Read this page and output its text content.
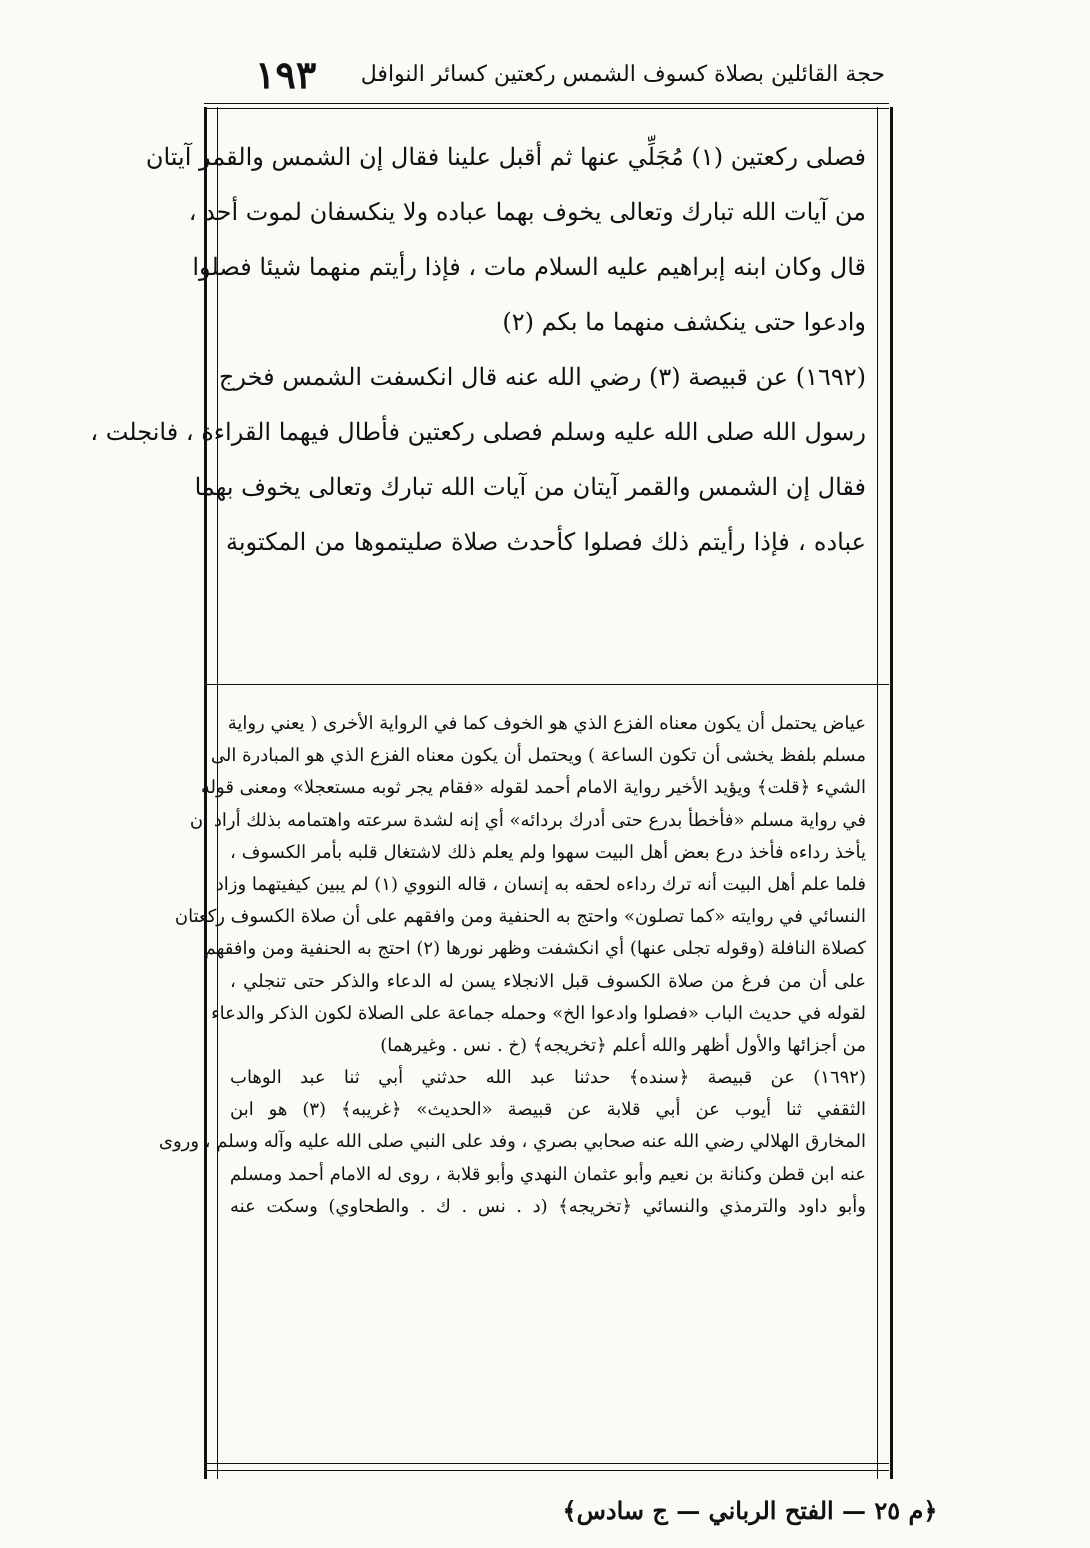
١٩٣ حجة القائلين بصلاة كسوف الشمس ركعتين كسائر النوافل
فصلى ركعتين (١) مُجَلِّي عنها ثم أقبل علينا فقال إن الشمس والقمر آيتان
من آيات الله تبارك وتعالى يخوف بهما عباده ولا ينكسفان لموت أحد ،
قال وكان ابنه إبراهيم عليه السلام مات ، فإذا رأيتم منهما شيئا فصلوا
وادعوا حتى ينكشف منهما ما بكم (٢)
(١٦٩٢) عن قبيصة (٣) رضي الله عنه قال انكسفت الشمس فخرج
رسول الله صلى الله عليه وسلم فصلى ركعتين فأطال فيهما القراءة ، فانجلت ،
فقال إن الشمس والقمر آيتان من آيات الله تبارك وتعالى يخوف بهما
عباده ، فإذا رأيتم ذلك فصلوا كأحدث صلاة صليتموها من المكتوبة
عياض يحتمل أن يكون معناه الفزع الذي هو الخوف كما في الرواية الأخرى ( يعني رواية
مسلم بلفظ يخشى أن تكون الساعة ) ويحتمل أن يكون معناه الفزع الذي هو المبادرة الى
الشيء ﴿قلت﴾ ويؤيد الأخير رواية الامام أحمد لقوله «فقام يجر ثوبه مستعجلا» ومعنى قوله
في رواية مسلم «فأخطأ بدرع حتى أدرك بردائه» أي إنه لشدة سرعته واهتمامه بذلك أراد أن
يأخذ رداءه فأخذ درع بعض أهل البيت سهوا ولم يعلم ذلك لاشتغال قلبه بأمر الكسوف ،
فلما علم أهل البيت أنه ترك رداءه لحقه به إنسان ، قاله النووي (١) لم يبين كيفيتهما وزاد
النسائي في روايته «كما تصلون» واحتج به الحنفية ومن وافقهم على أن صلاة الكسوف ركعتان
كصلاة النافلة (وقوله تجلى عنها) أي انكشفت وظهر نورها (٢) احتج به الحنفية ومن وافقهم
على أن من فرغ من صلاة الكسوف قبل الانجلاء يسن له الدعاء والذكر حتى تنجلي ،
لقوله في حديث الباب «فصلوا وادعوا الخ» وحمله جماعة على الصلاة لكون الذكر والدعاء
من أجزائها والأول أظهر والله أعلم ﴿تخريجه﴾ (خ . نس . وغيرهما)
(١٦٩٢) عن قبيصة ﴿سنده﴾ حدثنا عبد الله حدثني أبي ثنا عبد الوهاب
الثقفي ثنا أيوب عن أبي قلابة عن قبيصة «الحديث» ﴿غريبه﴾ (٣) هو ابن
المخارق الهلالي رضي الله عنه صحابي بصري ، وفد على النبي صلى الله عليه وآله وسلم ، وروى
عنه ابن قطن وكنانة بن نعيم وأبو عثمان النهدي وأبو قلابة ، روى له الامام أحمد ومسلم
وأبو داود والترمذي والنسائي ﴿تخريجه﴾ (د . نس . ك . والطحاوي) وسكت عنه
﴿م ٢٥ — الفتح الرباني — ج سادس﴾
